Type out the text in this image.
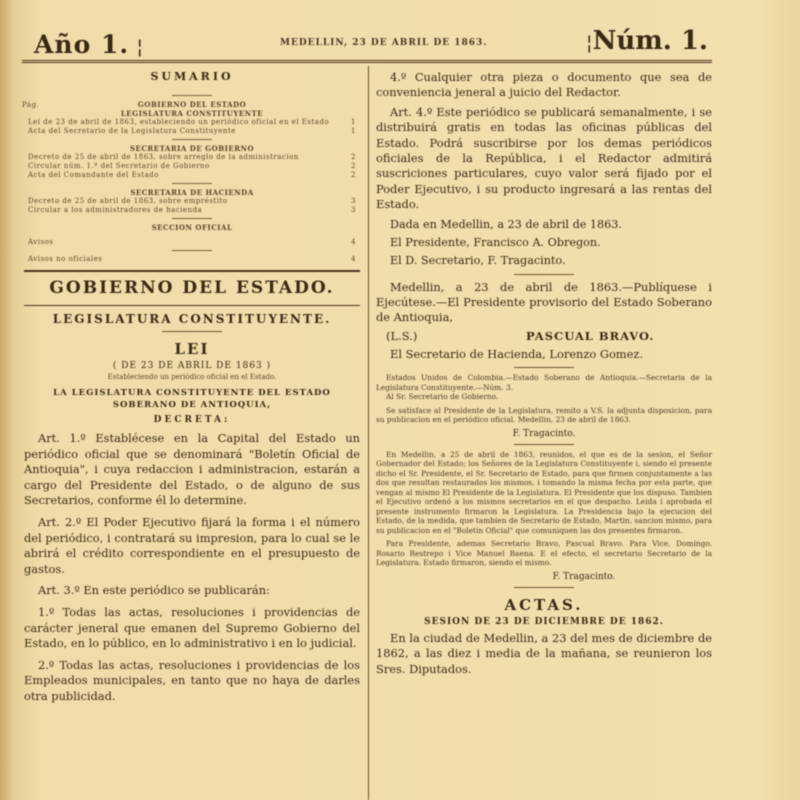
Año 1. ¦	MEDELLIN, 23 DE ABRIL DE 1863.	¦Núm. 1.
SUMARIO
Pág.	GOBIERNO DEL ESTADO
LEGISLATURA CONSTITUYENTE
Lei de 23 de abril de 1863, estableciendo un periódico oficial en el Estado	1
Acta del Secretario de la Legislatura Constituyente	1
SECRETARIA DE GOBIERNO
Decreto de 25 de abril de 1863, sobre arreglo de la administracion	2
Circular núm. 1.ª del Secretario de Gobierno	2
Acta del Comandante del Estado	2
SECRETARIA DE HACIENDA
Decreto de 25 de abril de 1863, sobre empréstito	3
Circular a los administradores de hacienda	3
SECCION OFICIAL
Avisos	4
Avisos no oficiales	4
GOBIERNO DEL ESTADO.
LEGISLATURA CONSTITUYENTE.
LEI
( DE 23 DE ABRIL DE 1863 )
Estableciendo un periódico oficial en el Estado.
LA LEGISLATURA CONSTITUYENTE DEL ESTADO SOBERANO DE ANTIOQUIA,
DECRETA:

Art. 1.º Establécese en la Capital del Estado un periódico oficial que se denominará "Boletín Oficial de Antioquia", i cuya redaccion i administracion, estarán a cargo del Presidente del Estado, o de alguno de sus Secretarios, conforme él lo determine.

Art. 2.º El Poder Ejecutivo fijará la forma i el número del periódico, i contratará su impresion, para lo cual se le abrirá el crédito correspondiente en el presupuesto de gastos.

Art. 3.º En este periódico se publicarán:

1.º Todas las actas, resoluciones i providencias de carácter jeneral que emanen del Supremo Gobierno del Estado, en lo público, en lo administrativo i en lo judicial.

2.º Todas las actas, resoluciones i providencias de los Empleados municipales, en tanto que no haya de darles otra publicidad.

4.º Cualquier otra pieza o documento que sea de conveniencia jeneral a juicio del Redactor.

Art. 4.º Este periódico se publicará semanalmente, i se distribuirá gratis en todas las oficinas públicas del Estado. Podrá suscribirse por los demas periódicos oficiales de la República, i el Redactor admitirá suscriciones particulares, cuyo valor será fijado por el Poder Ejecutivo, i su producto ingresará a las rentas del Estado.

Dada en Medellin, a 23 de abril de 1863.

El Presidente, Francisco A. Obregon.

El D. Secretario, F. Tragacinto.

Medellin, a 23 de abril de 1863.—Publíquese i Ejecútese.—El Presidente provisorio del Estado Soberano de Antioquia,

(L.S.)	PASCUAL BRAVO.

El Secretario de Hacienda, Lorenzo Gomez.

Estados Unidos de Colombia.—Estado Soberano de Antioquia.—Secretaria de la Legislatura Constituyente.—Núm. 3.

Al Sr. Secretario de Gobierno.

Se satisface al Presidente de la Legislatura, remito a V.S. la adjunta disposicion, para su publicacion en el periódico oficial. Medellin, 23 de abril de 1863.

F. Tragacinto.

En Medellin, a 25 de abril de 1863, reunidos, el que es de la sesion, el Señor Gobernador del Estado; los Señores de la Legislatura Constituyente i, siendo el presente dicho el Sr. Presidente, el Sr. Secretario de Estado, para que firmen conjuntamente a las dos que resultan restaurados los mismos, i tomando la misma fecha por esta parte, que vengan al mismo El Presidente de la Legislatura. El Presidente que los dispuso. Tambien el Ejecutivo ordenó a los mismos secretarios en el que despacho. Leida i aprobada el presente instrumento firmaron la Legislatura. La Presidencia bajo la ejecucion del Estado, de la medida, que tambien de Secretario de Estado, Martin, sancion mismo, para su publicacion en el "Boletín Oficial" que comuniquen las dos presentes firmaron.

Para Presidente, ademas Secretario Bravo, Pascual Bravo. Para Vice, Domingo. Rosario Restrepo i Vice Manuel Baena. E el efecto, el secretario Secretario de la Legislatura. Estado firmaron, siendo el mismo.

F. Tragacinto.
ACTAS.
SESION DE 23 DE DICIEMBRE DE 1862.

En la ciudad de Medellin, a 23 del mes de diciembre de 1862, a las diez i media de la mañana, se reunieron los Sres. Diputados.
